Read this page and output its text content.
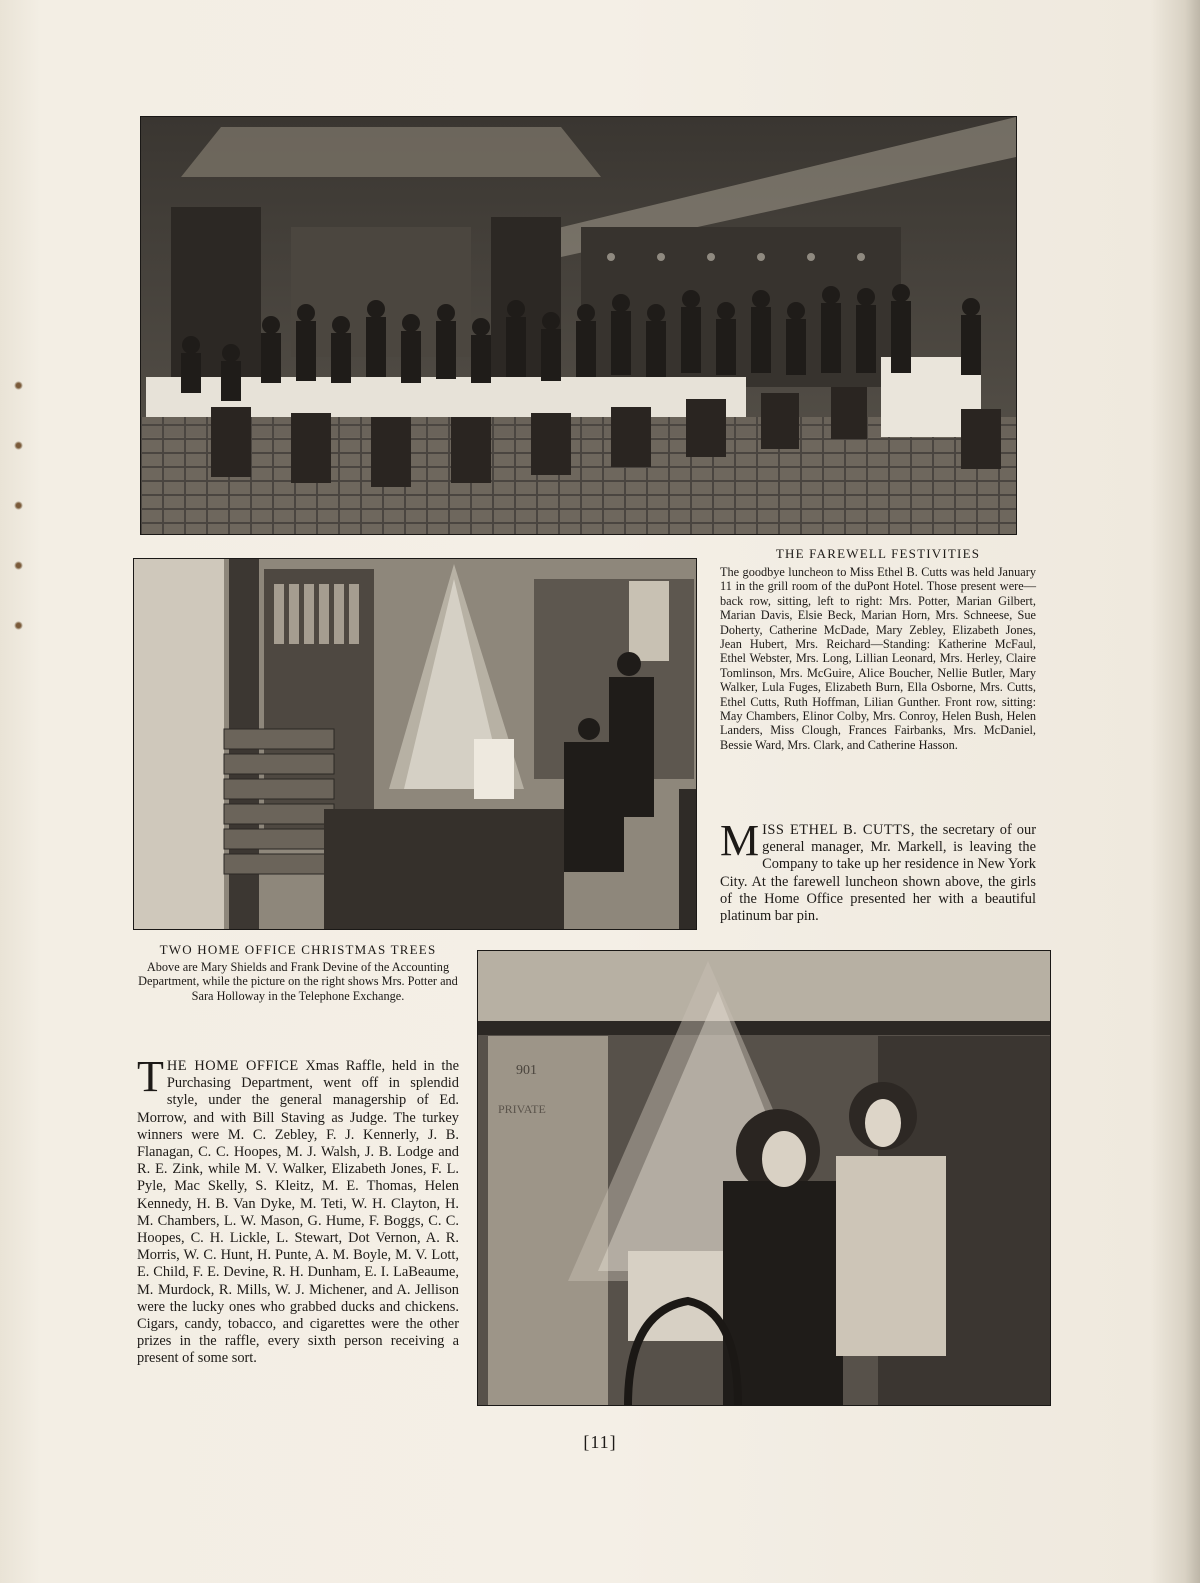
901
PRIVATE
THE FAREWELL FESTIVITIES
The goodbye luncheon to Miss Ethel B. Cutts was held January 11 in the grill room of the duPont Hotel. Those present were—back row, sitting, left to right: Mrs. Potter, Marian Gilbert, Marian Davis, Elsie Beck, Marian Horn, Mrs. Schneese, Sue Doherty, Catherine McDade, Mary Zebley, Elizabeth Jones, Jean Hubert, Mrs. Reichard—Standing: Katherine McFaul, Ethel Webster, Mrs. Long, Lillian Leonard, Mrs. Herley, Claire Tomlinson, Mrs. McGuire, Alice Boucher, Nellie Butler, Mary Walker, Lula Fuges, Elizabeth Burn, Ella Osborne, Mrs. Cutts, Ethel Cutts, Ruth Hoffman, Lilian Gunther. Front row, sitting: May Chambers, Elinor Colby, Mrs. Conroy, Helen Bush, Helen Landers, Miss Clough, Frances Fairbanks, Mrs. McDaniel, Bessie Ward, Mrs. Clark, and Catherine Hasson.
MISS ETHEL B. CUTTS, the secretary of our general manager, Mr. Markell, is leaving the Company to take up her residence in New York City. At the farewell luncheon shown above, the girls of the Home Office presented her with a beautiful platinum bar pin.
TWO HOME OFFICE CHRISTMAS TREES
Above are Mary Shields and Frank Devine of the Accounting Department, while the picture on the right shows Mrs. Potter and Sara Holloway in the Telephone Exchange.
THE HOME OFFICE Xmas Raffle, held in the Purchasing Department, went off in splendid style, under the general managership of Ed. Morrow, and with Bill Staving as Judge. The turkey winners were M. C. Zebley, F. J. Kennerly, J. B. Flanagan, C. C. Hoopes, M. J. Walsh, J. B. Lodge and R. E. Zink, while M. V. Walker, Elizabeth Jones, F. L. Pyle, Mac Skelly, S. Kleitz, M. E. Thomas, Helen Kennedy, H. B. Van Dyke, M. Teti, W. H. Clayton, H. M. Chambers, L. W. Mason, G. Hume, F. Boggs, C. C. Hoopes, C. H. Lickle, L. Stewart, Dot Vernon, A. R. Morris, W. C. Hunt, H. Punte, A. M. Boyle, M. V. Lott, E. Child, F. E. Devine, R. H. Dunham, E. I. LaBeaume, M. Murdock, R. Mills, W. J. Michener, and A. Jellison were the lucky ones who grabbed ducks and chickens. Cigars, candy, tobacco, and cigarettes were the other prizes in the raffle, every sixth person receiving a present of some sort.
[11]
